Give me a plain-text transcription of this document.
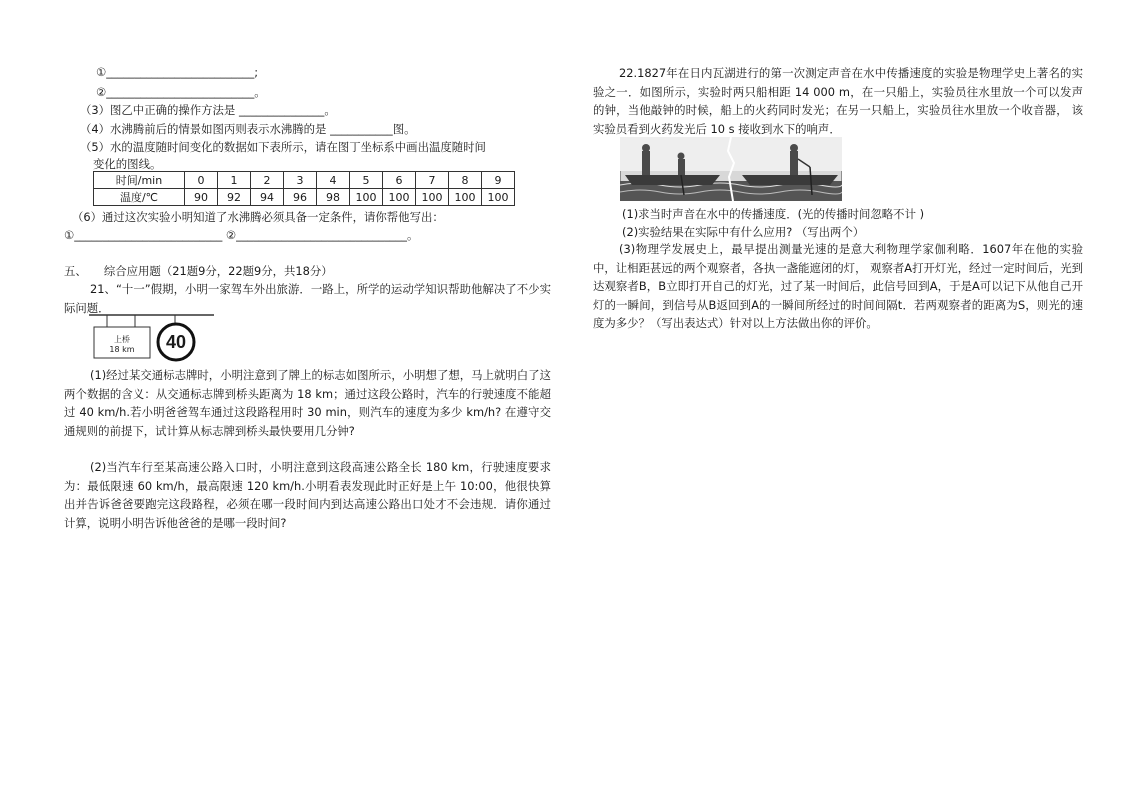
①__________________________;
②__________________________。
（3）图乙中正确的操作方法是 _______________。
（4）水沸腾前后的情景如图丙则表示水沸腾的是 ___________图。
（5）水的温度随时间变化的数据如下表所示，请在图丁坐标系中画出温度随时间
变化的图线。
时间/min	0	1	2	3	4	5	6	7	8	9
温度/℃	90	92	94	96	98	100	100	100	100	100
（6）通过这次实验小明知道了水沸腾必须具备一定条件，请你帮他写出：
①__________________________ ②______________________________。
五、　　综合应用题（21题9分，22题9分，共18分）
21、“十一”假期，小明一家驾车外出旅游．一路上，所学的运动学知识帮助他解决了不少实际问题．
上桥
18 km	40
(1)经过某交通标志牌时，小明注意到了牌上的标志如图所示，小明想了想，马上就明白了这两个数据的含义：从交通标志牌到桥头距离为 18 km；通过这段公路时，汽车的行驶速度不能超过 40 km/h.若小明爸爸驾车通过这段路程用时 30 min，则汽车的速度为多少 km/h? 在遵守交通规则的前提下，试计算从标志牌到桥头最快要用几分钟?
(2)当汽车行至某高速公路入口时，小明注意到这段高速公路全长 180 km，行驶速度要求为：最低限速 60 km/h，最高限速 120 km/h.小明看表发现此时正好是上午 10:00，他很快算出并告诉爸爸要跑完这段路程，必须在哪一段时间内到达高速公路出口处才不会违规．请你通过计算，说明小明告诉他爸爸的是哪一段时间?
22.1827年在日内瓦湖进行的第一次测定声音在水中传播速度的实验是物理学史上著名的实验之一．如图所示，实验时两只船相距 14 000 m，在一只船上，实验员往水里放一个可以发声的钟，当他敲钟的时候，船上的火药同时发光；在另一只船上，实验员往水里放一个收音器， 该实验员看到火药发光后 10 s 接收到水下的响声．
(1)求当时声音在水中的传播速度．(光的传播时间忽略不计 )
(2)实验结果在实际中有什么应用? （写出两个）
(3)物理学发展史上，最早提出测量光速的是意大利物理学家伽利略．1607年在他的实验中，让相距甚远的两个观察者，各执一盏能遮闭的灯， 观察者A打开灯光，经过一定时间后，光到达观察者B，B立即打开自己的灯光，过了某一时间后，此信号回到A，于是A可以记下从他自己开灯的一瞬间，到信号从B返回到A的一瞬间所经过的时间间隔t．若两观察者的距离为S，则光的速度为多少？（写出表达式）针对以上方法做出你的评价。
